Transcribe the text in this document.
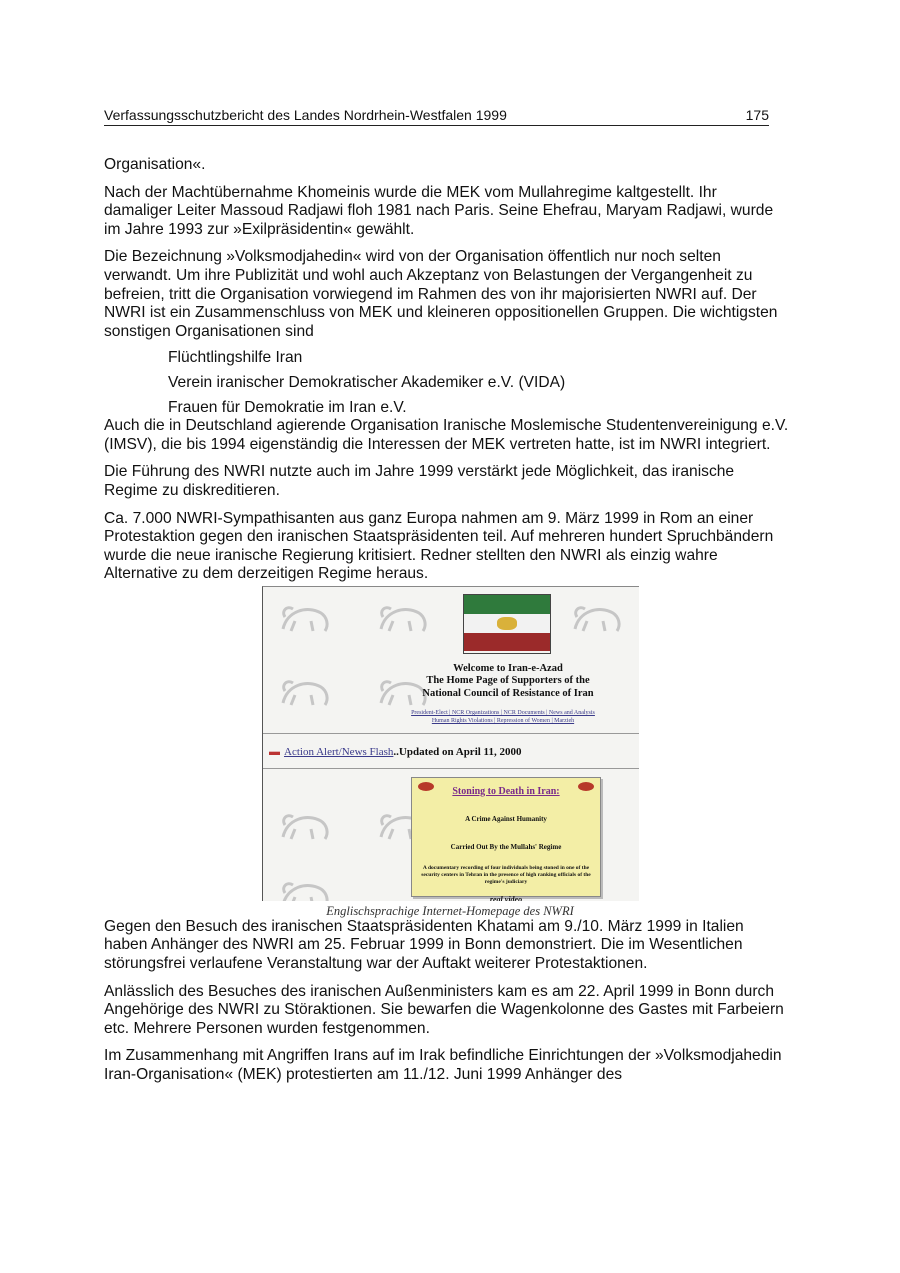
Verfassungsschutzbericht des Landes Nordrhein-Westfalen 1999	175

Organisation«.

Nach der Machtübernahme Khomeinis wurde die MEK vom Mullahregime kaltgestellt. Ihr damaliger Leiter Massoud Radjawi floh 1981 nach Paris. Seine Ehefrau, Maryam Radjawi, wurde im Jahre 1993 zur »Exilpräsidentin« gewählt.

Die Bezeichnung »Volksmodjahedin« wird von der Organisation öffentlich nur noch selten verwandt. Um ihre Publizität und wohl auch Akzeptanz von Belastungen der Vergangenheit zu befreien, tritt die Organisation vorwiegend im Rahmen des von ihr majorisierten NWRI auf. Der NWRI ist ein Zusammenschluss von MEK und kleineren oppositionellen Gruppen. Die wichtigsten sonstigen Organisationen sind

Flüchtlingshilfe Iran
Verein iranischer Demokratischer Akademiker e.V. (VIDA)
Frauen für Demokratie im Iran e.V.

Auch die in Deutschland agierende Organisation Iranische Moslemische Studentenvereinigung e.V. (IMSV), die bis 1994 eigenständig die Interessen der MEK vertreten hatte, ist im NWRI integriert.

Die Führung des NWRI nutzte auch im Jahre 1999 verstärkt jede Möglichkeit, das iranische Regime zu diskreditieren.

Ca. 7.000 NWRI-Sympathisanten aus ganz Europa nahmen am 9. März 1999 in Rom an einer Protestaktion gegen den iranischen Staatspräsidenten teil. Auf mehreren hundert Spruchbändern wurde die neue iranische Regierung kritisiert. Redner stellten den NWRI als einzig wahre Alternative zu dem derzeitigen Regime heraus.

Welcome to Iran-e-Azad
The Home Page of Supporters of the
National Council of Resistance of Iran
President-Elect | NCR Organizations | NCR Documents | News and Analysis
Human Rights Violations | Repression of Women | Marzieh
▬ Action Alert/News Flash..Updated on April 11, 2000
Stoning to Death in Iran:
A Crime Against Humanity
Carried Out By the Mullahs' Regime
A documentary recording of four individuals being stoned in one of the security centers in Tehran in the presence of high ranking officials of the regime's judiciary
real video
Englischsprachige Internet-Homepage des NWRI

Gegen den Besuch des iranischen Staatspräsidenten Khatami am 9./10. März 1999 in Italien haben Anhänger des NWRI am 25. Februar 1999 in Bonn demonstriert. Die im Wesentlichen störungsfrei verlaufene Veranstaltung war der Auftakt weiterer Protestaktionen.

Anlässlich des Besuches des iranischen Außenministers kam es am 22. April 1999 in Bonn durch Angehörige des NWRI zu Störaktionen. Sie bewarfen die Wagenkolonne des Gastes mit Farbeiern etc. Mehrere Personen wurden festgenommen.

Im Zusammenhang mit Angriffen Irans auf im Irak befindliche Einrichtungen der »Volksmodjahedin Iran-Organisation« (MEK) protestierten am 11./12. Juni 1999 Anhänger des
